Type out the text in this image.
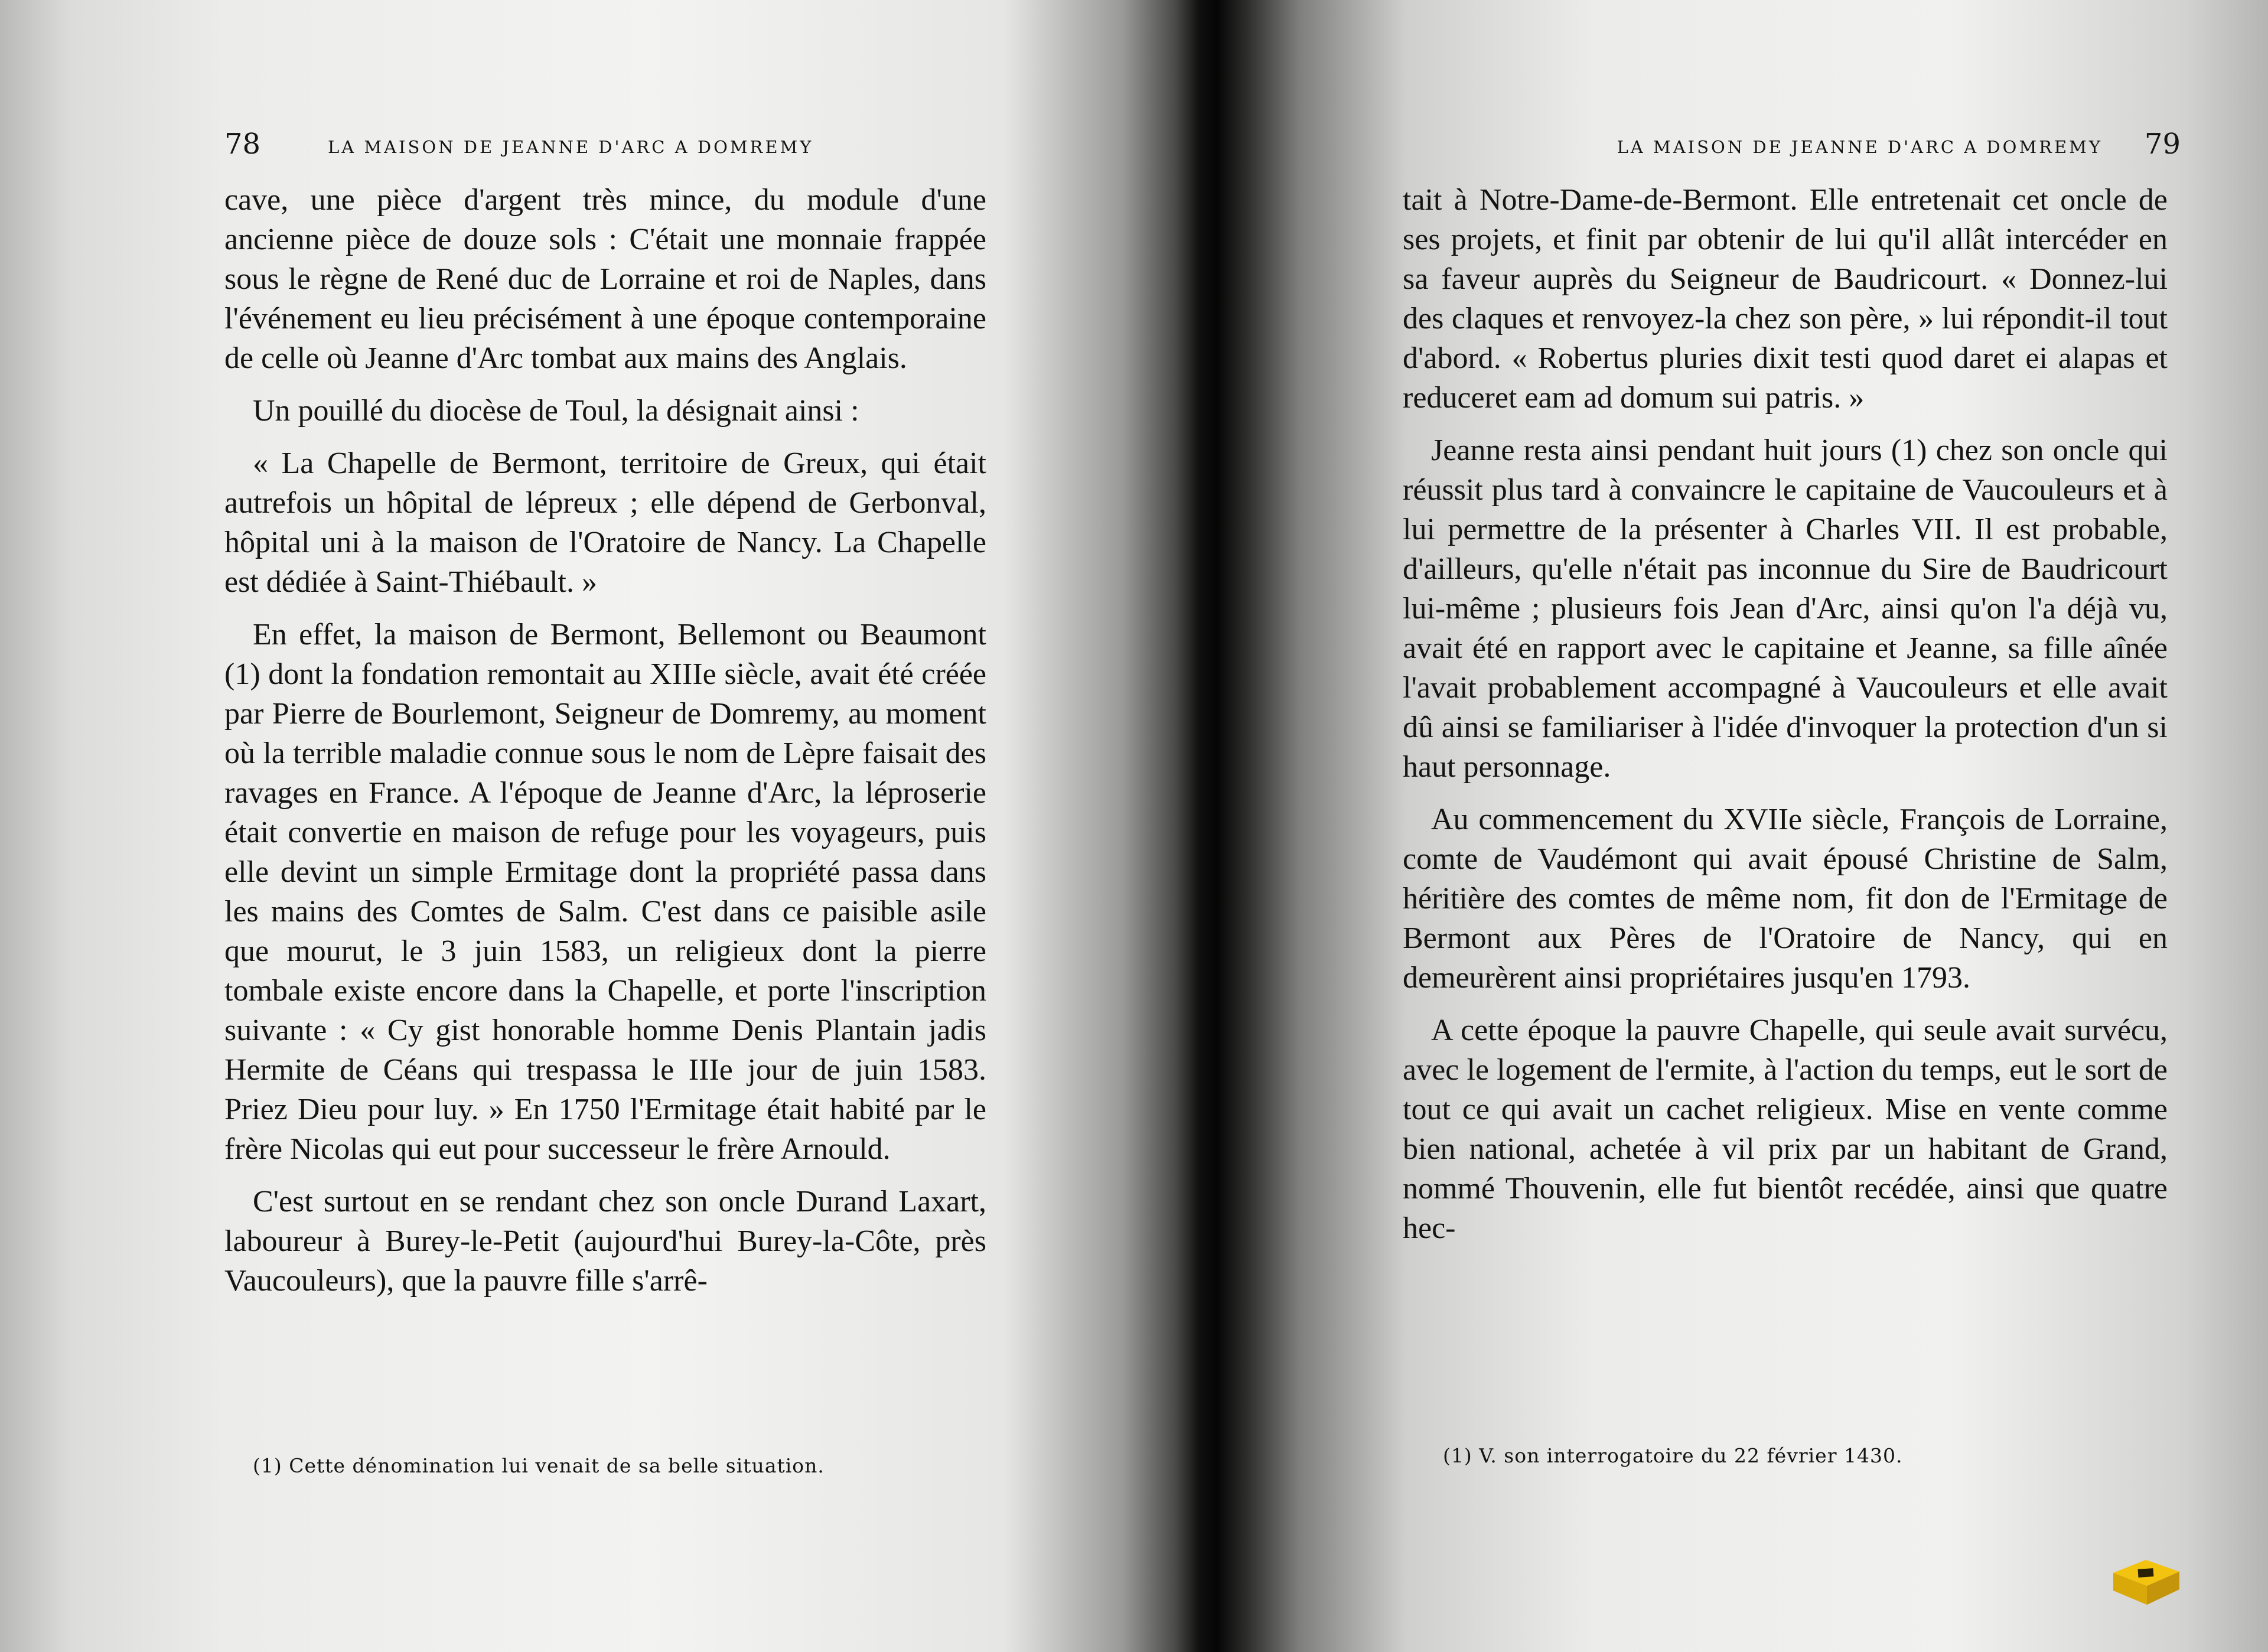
78	LA MAISON DE JEANNE D'ARC A DOMREMY

cave, une pièce d'argent très mince, du module d'une ancienne pièce de douze sols : C'était une monnaie frappée sous le règne de René duc de Lorraine et roi de Naples, dans l'événement eu lieu précisément à une époque contemporaine de celle où Jeanne d'Arc tombat aux mains des Anglais.

Un pouillé du diocèse de Toul, la désignait ainsi :

« La Chapelle de Bermont, territoire de Greux, qui était autrefois un hôpital de lépreux ; elle dépend de Gerbonval, hôpital uni à la maison de l'Oratoire de Nancy. La Chapelle est dédiée à Saint-Thiébault. »

En effet, la maison de Bermont, Bellemont ou Beaumont (1) dont la fondation remontait au XIIIe siècle, avait été créée par Pierre de Bourlemont, Seigneur de Domremy, au moment où la terrible maladie connue sous le nom de Lèpre faisait des ravages en France. A l'époque de Jeanne d'Arc, la léproserie était convertie en maison de refuge pour les voyageurs, puis elle devint un simple Ermitage dont la propriété passa dans les mains des Comtes de Salm. C'est dans ce paisible asile que mourut, le 3 juin 1583, un religieux dont la pierre tombale existe encore dans la Chapelle, et porte l'inscription suivante : « Cy gist honorable homme Denis Plantain jadis Hermite de Céans qui trespassa le IIIe jour de juin 1583. Priez Dieu pour luy. » En 1750 l'Ermitage était habité par le frère Nicolas qui eut pour successeur le frère Arnould.

C'est surtout en se rendant chez son oncle Durand Laxart, laboureur à Burey-le-Petit (aujourd'hui Burey-la-Côte, près Vaucouleurs), que la pauvre fille s'arrê-

(1) Cette dénomination lui venait de sa belle situation.
LA MAISON DE JEANNE D'ARC A DOMREMY 79

tait à Notre-Dame-de-Bermont. Elle entretenait cet oncle de ses projets, et finit par obtenir de lui qu'il allât intercéder en sa faveur auprès du Seigneur de Baudricourt. « Donnez-lui des claques et renvoyez-la chez son père, » lui répondit-il tout d'abord. « Robertus pluries dixit testi quod daret ei alapas et reduceret eam ad domum sui patris. »

Jeanne resta ainsi pendant huit jours (1) chez son oncle qui réussit plus tard à convaincre le capitaine de Vaucouleurs et à lui permettre de la présenter à Charles VII. Il est probable, d'ailleurs, qu'elle n'était pas inconnue du Sire de Baudricourt lui-même ; plusieurs fois Jean d'Arc, ainsi qu'on l'a déjà vu, avait été en rapport avec le capitaine et Jeanne, sa fille aînée l'avait probablement accompagné à Vaucouleurs et elle avait dû ainsi se familiariser à l'idée d'invoquer la protection d'un si haut personnage.

Au commencement du XVIIe siècle, François de Lorraine, comte de Vaudémont qui avait épousé Christine de Salm, héritière des comtes de même nom, fit don de l'Ermitage de Bermont aux Pères de l'Oratoire de Nancy, qui en demeurèrent ainsi propriétaires jusqu'en 1793.

A cette époque la pauvre Chapelle, qui seule avait survécu, avec le logement de l'ermite, à l'action du temps, eut le sort de tout ce qui avait un cachet religieux. Mise en vente comme bien national, achetée à vil prix par un habitant de Grand, nommé Thouvenin, elle fut bientôt recédée, ainsi que quatre hec-

(1) V. son interrogatoire du 22 février 1430.
